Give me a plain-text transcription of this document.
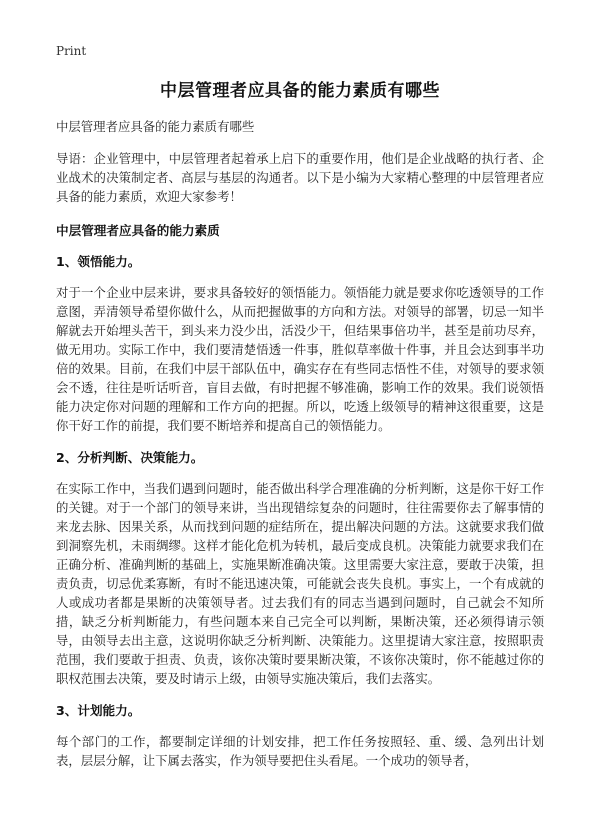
Print
中层管理者应具备的能力素质有哪些

中层管理者应具备的能力素质有哪些

导语：企业管理中，中层管理者起着承上启下的重要作用，他们是企业战略的执行者、企业战术的决策制定者、高层与基层的沟通者。以下是小编为大家精心整理的中层管理者应具备的能力素质，欢迎大家参考！

中层管理者应具备的能力素质

1、领悟能力。

对于一个企业中层来讲，要求具备较好的领悟能力。领悟能力就是要求你吃透领导的工作意图，弄清领导希望你做什么，从而把握做事的方向和方法。对领导的部署，切忌一知半解就去开始埋头苦干，到头来力没少出，活没少干，但结果事倍功半，甚至是前功尽弃，做无用功。实际工作中，我们要清楚悟透一件事，胜似草率做十件事，并且会达到事半功倍的效果。目前，在我们中层干部队伍中，确实存在有些同志悟性不佳，对领导的要求领会不透，往往是听话听音，盲目去做，有时把握不够准确，影响工作的效果。我们说领悟能力决定你对问题的理解和工作方向的把握。所以，吃透上级领导的精神这很重要，这是你干好工作的前提，我们要不断培养和提高自己的领悟能力。

2、分析判断、决策能力。

在实际工作中，当我们遇到问题时，能否做出科学合理准确的分析判断，这是你干好工作的关键。对于一个部门的领导来讲，当出现错综复杂的问题时，往往需要你去了解事情的来龙去脉、因果关系，从而找到问题的症结所在，提出解决问题的方法。这就要求我们做到洞察先机，未雨绸缪。这样才能化危机为转机，最后变成良机。决策能力就要求我们在正确分析、准确判断的基础上，实施果断准确决策。这里需要大家注意，要敢于决策，担责负责，切忌优柔寡断，有时不能迅速决策，可能就会丧失良机。事实上，一个有成就的人或成功者都是果断的决策领导者。过去我们有的同志当遇到问题时，自己就会不知所措，缺乏分析判断能力，有些问题本来自己完全可以判断，果断决策，还必须得请示领导，由领导去出主意，这说明你缺乏分析判断、决策能力。这里提请大家注意，按照职责范围，我们要敢于担责、负责，该你决策时要果断决策，不该你决策时，你不能越过你的职权范围去决策，要及时请示上级，由领导实施决策后，我们去落实。

3、计划能力。

每个部门的工作，都要制定详细的计划安排，把工作任务按照轻、重、缓、急列出计划表，层层分解，让下属去落实，作为领导要把住头看尾。一个成功的领导者，
